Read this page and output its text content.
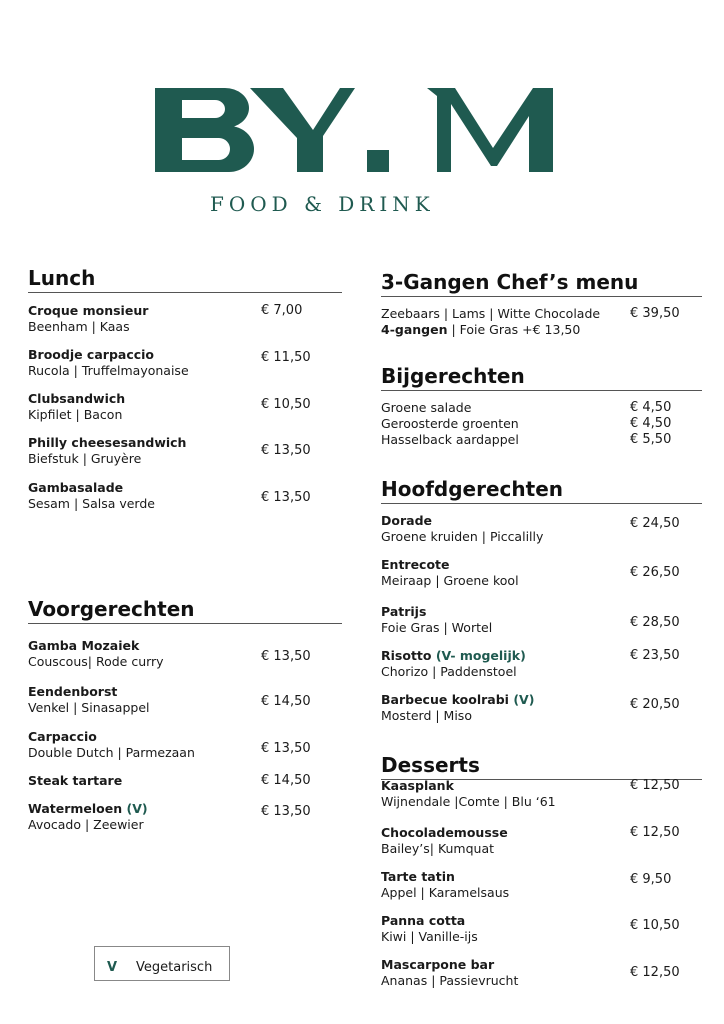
FOOD & DRINK
Lunch
Croque monsieur
Beenham | Kaas
€ 7,00
Broodje carpaccio
Rucola | Truffelmayonaise
€ 11,50
Clubsandwich
Kipfilet | Bacon
€ 10,50
Philly cheesesandwich
Biefstuk | Gruyère
€ 13,50
Gambasalade
Sesam | Salsa verde	€ 13,50
Voorgerechten
Gamba Mozaiek
Couscous| Rode curry	€ 13,50
Eendenborst
Venkel | Sinasappel	€ 14,50
Carpaccio
Double Dutch | Parmezaan	€ 13,50
Steak tartare	€ 14,50
Watermeloen (V)
Avocado | Zeewier
€ 13,50
V Vegetarisch
3-Gangen Chef’s menu
Zeebaars | Lams | Witte Chocolade
4-gangen | Foie Gras +€ 13,50
€ 39,50
Bijgerechten
Groene salade	€ 4,50
Geroosterde groenten	€ 4,50
Hasselback aardappel	€ 5,50
Hoofdgerechten
Dorade
Groene kruiden | Piccalilly
€ 24,50
Entrecote
Meiraap | Groene kool
€ 26,50
Patrijs
Foie Gras | Wortel	€ 28,50
Risotto (V- mogelijk)
Chorizo | Paddenstoel
€ 23,50
Barbecue koolrabi (V)
Mosterd | Miso
€ 20,50
Desserts
Kaasplank
Wijnendale |Comte | Blu ‘61
€ 12,50
Chocolademousse
Bailey’s| Kumquat
€ 12,50
Tarte tatin
Appel | Karamelsaus
€ 9,50
Panna cotta
Kiwi | Vanille-ijs
€ 10,50
Mascarpone bar
Ananas | Passievrucht
€ 12,50
